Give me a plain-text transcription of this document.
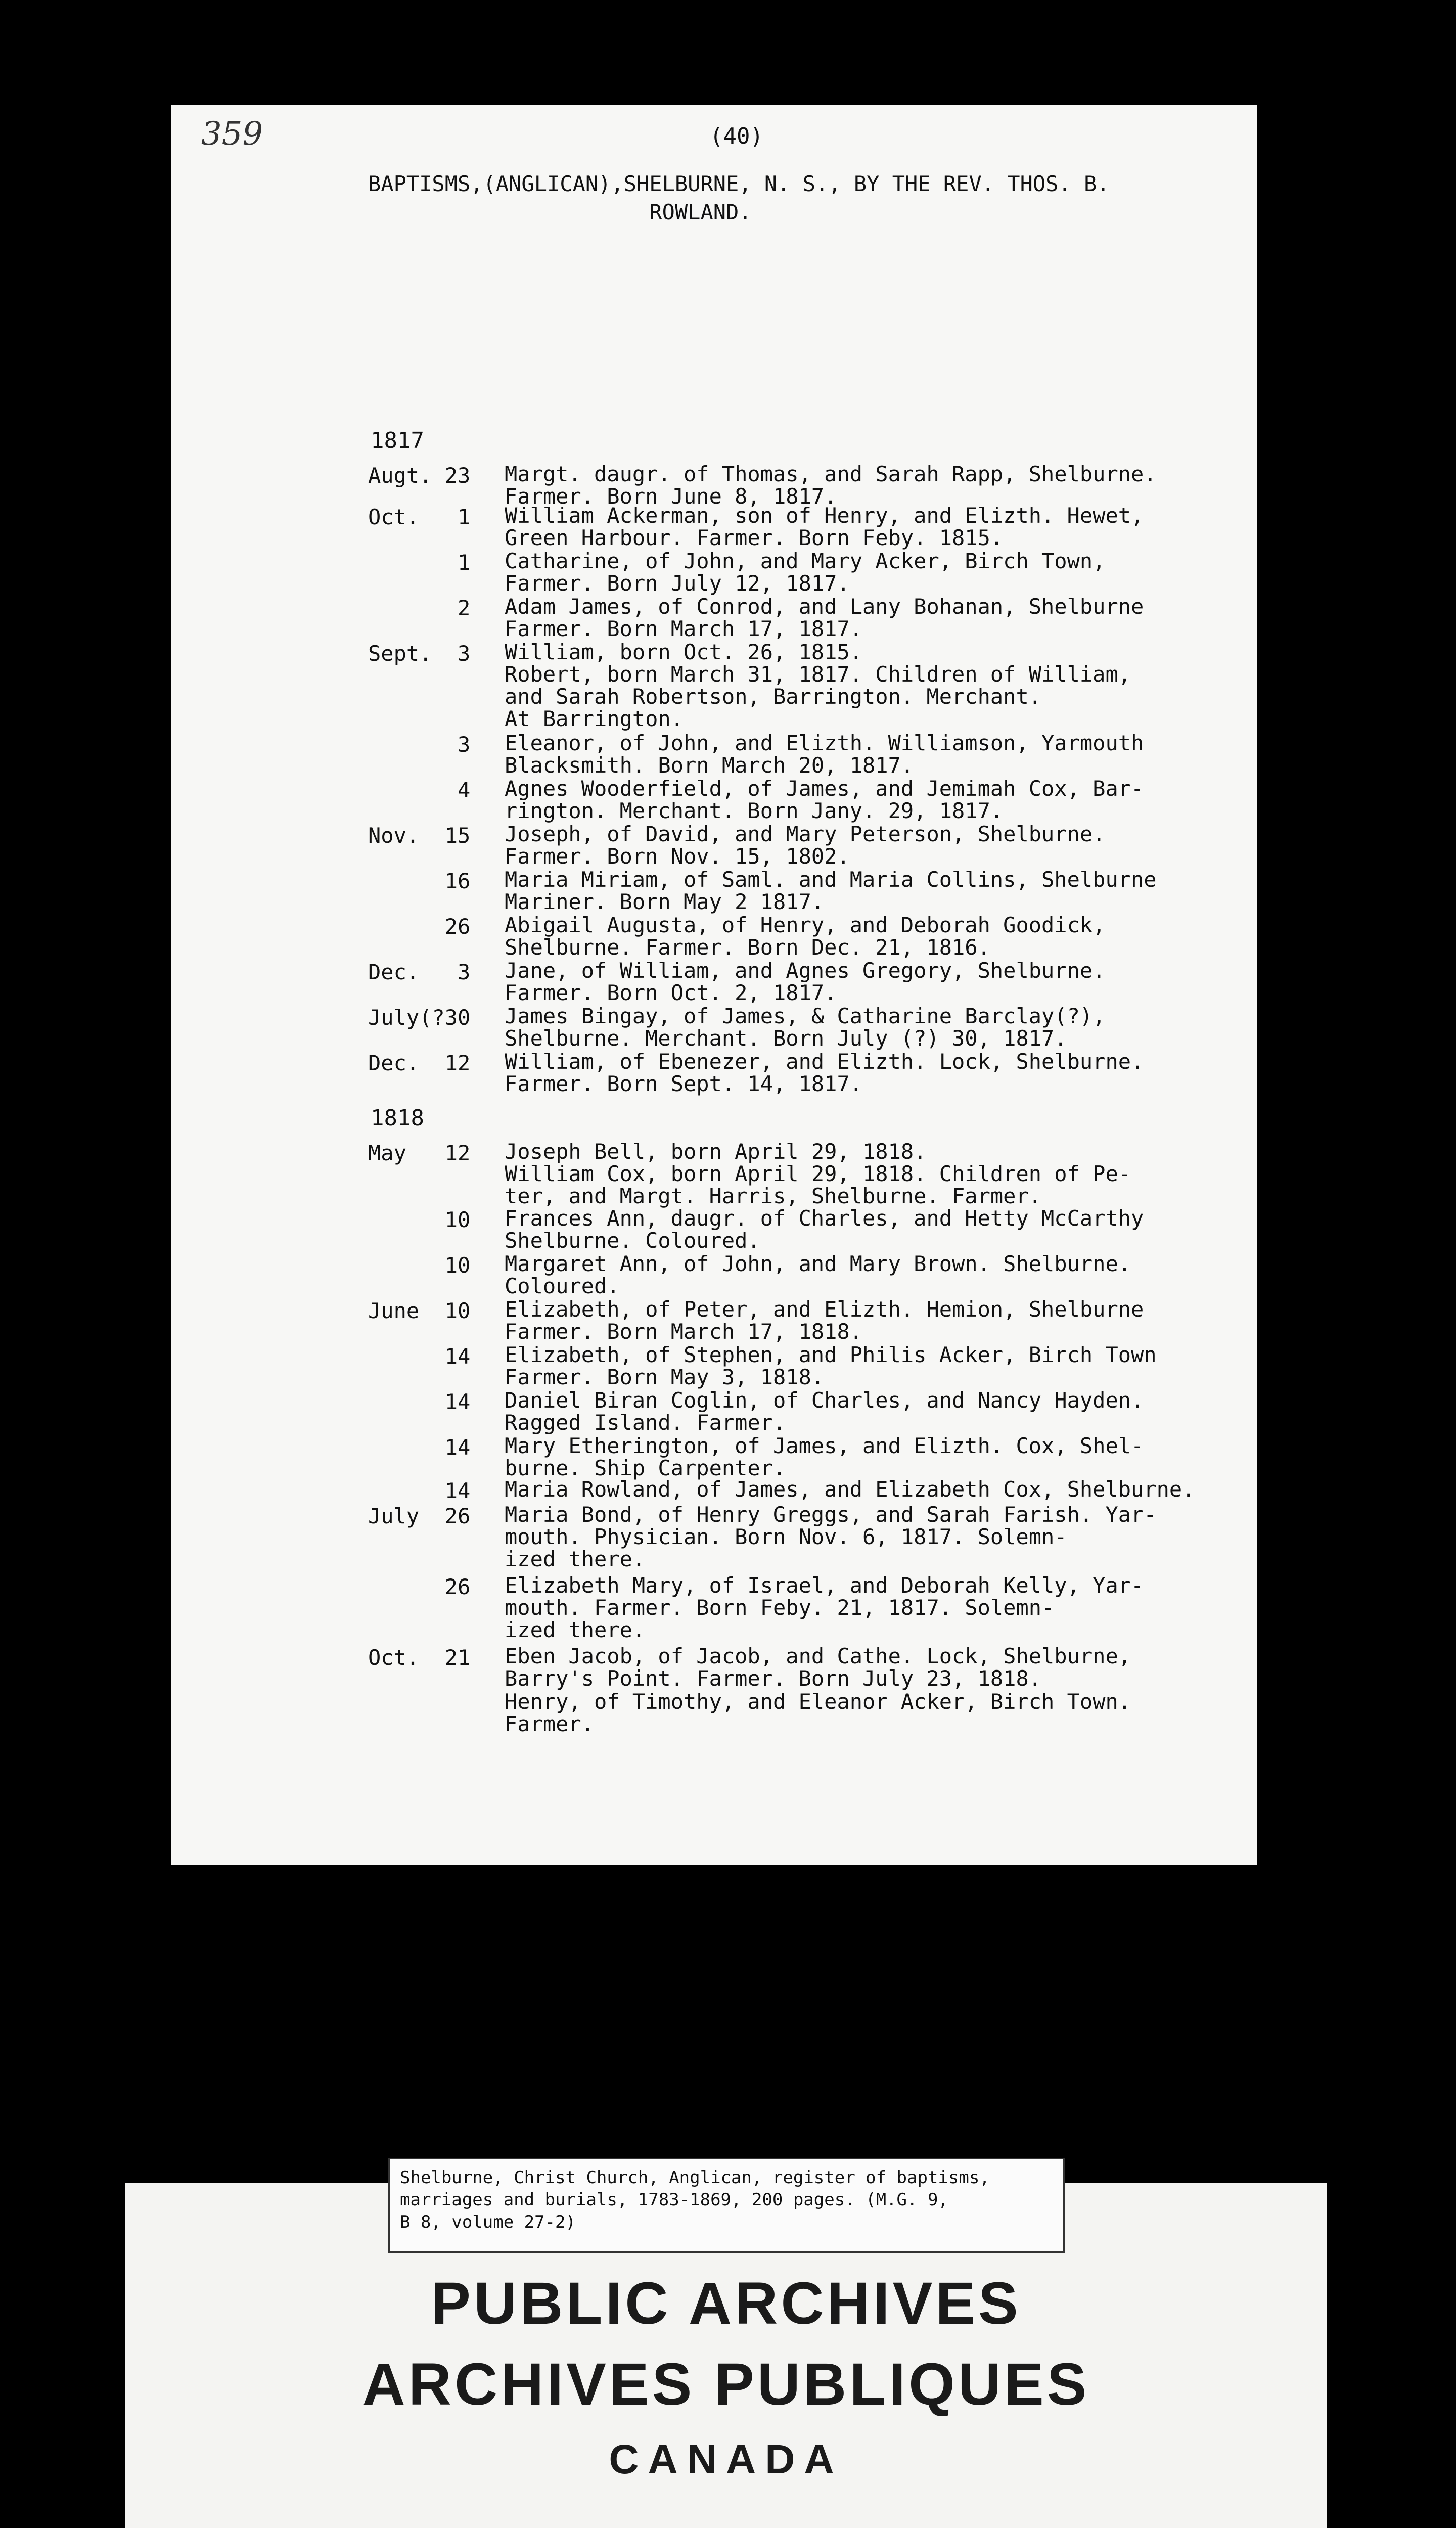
359	(40)
BAPTISMS,(ANGLICAN),SHELBURNE, N. S., BY THE REV. THOS. B.
ROWLAND.
1817
1818
Augt. 23	Margt. daugr. of Thomas, and Sarah Rapp, Shelburne.
Farmer. Born June 8, 1817.
Oct.   1	William Ackerman, son of Henry, and Elizth. Hewet,
Green Harbour. Farmer. Born Feby. 1815.
1	Catharine, of John, and Mary Acker, Birch Town,
Farmer. Born July 12, 1817.
2	Adam James, of Conrod, and Lany Bohanan, Shelburne
Farmer. Born March 17, 1817.
Sept.  3	William, born Oct. 26, 1815.
Robert, born March 31, 1817. Children of William,
and Sarah Robertson, Barrington. Merchant.
At Barrington.
3	Eleanor, of John, and Elizth. Williamson, Yarmouth
Blacksmith. Born March 20, 1817.
4	Agnes Wooderfield, of James, and Jemimah Cox, Bar-
rington. Merchant. Born Jany. 29, 1817.
Nov.  15	Joseph, of David, and Mary Peterson, Shelburne.
Farmer. Born Nov. 15, 1802.
16	Maria Miriam, of Saml. and Maria Collins, Shelburne
Mariner. Born May 2 1817.
26	Abigail Augusta, of Henry, and Deborah Goodick,
Shelburne. Farmer. Born Dec. 21, 1816.
Dec.   3	Jane, of William, and Agnes Gregory, Shelburne.
Farmer. Born Oct. 2, 1817.
July(?30	James Bingay, of James, & Catharine Barclay(?),
Shelburne. Merchant. Born July (?) 30, 1817.
Dec.  12	William, of Ebenezer, and Elizth. Lock, Shelburne.
Farmer. Born Sept. 14, 1817.
May   12	Joseph Bell, born April 29, 1818.
William Cox, born April 29, 1818. Children of Pe-
ter, and Margt. Harris, Shelburne. Farmer.
10	Frances Ann, daugr. of Charles, and Hetty McCarthy
Shelburne. Coloured.
10	Margaret Ann, of John, and Mary Brown. Shelburne.
Coloured.
June  10	Elizabeth, of Peter, and Elizth. Hemion, Shelburne
Farmer. Born March 17, 1818.
14	Elizabeth, of Stephen, and Philis Acker, Birch Town
Farmer. Born May 3, 1818.
14	Daniel Biran Coglin, of Charles, and Nancy Hayden.
Ragged Island. Farmer.
14	Mary Etherington, of James, and Elizth. Cox, Shel-
burne. Ship Carpenter.
14	Maria Rowland, of James, and Elizabeth Cox, Shelburne.
July  26	Maria Bond, of Henry Greggs, and Sarah Farish. Yar-
mouth. Physician. Born Nov. 6, 1817. Solemn-
ized there.
26	Elizabeth Mary, of Israel, and Deborah Kelly, Yar-
mouth. Farmer. Born Feby. 21, 1817. Solemn-
ized there.
Oct.  21	Eben Jacob, of Jacob, and Cathe. Lock, Shelburne,
Barry's Point. Farmer. Born July 23, 1818.
Henry, of Timothy, and Eleanor Acker, Birch Town.
Farmer.
Shelburne, Christ Church, Anglican, register of baptisms,
marriages and burials, 1783-1869, 200 pages. (M.G. 9,
B 8, volume 27-2)
PUBLIC ARCHIVES
ARCHIVES PUBLIQUES
CANADA
